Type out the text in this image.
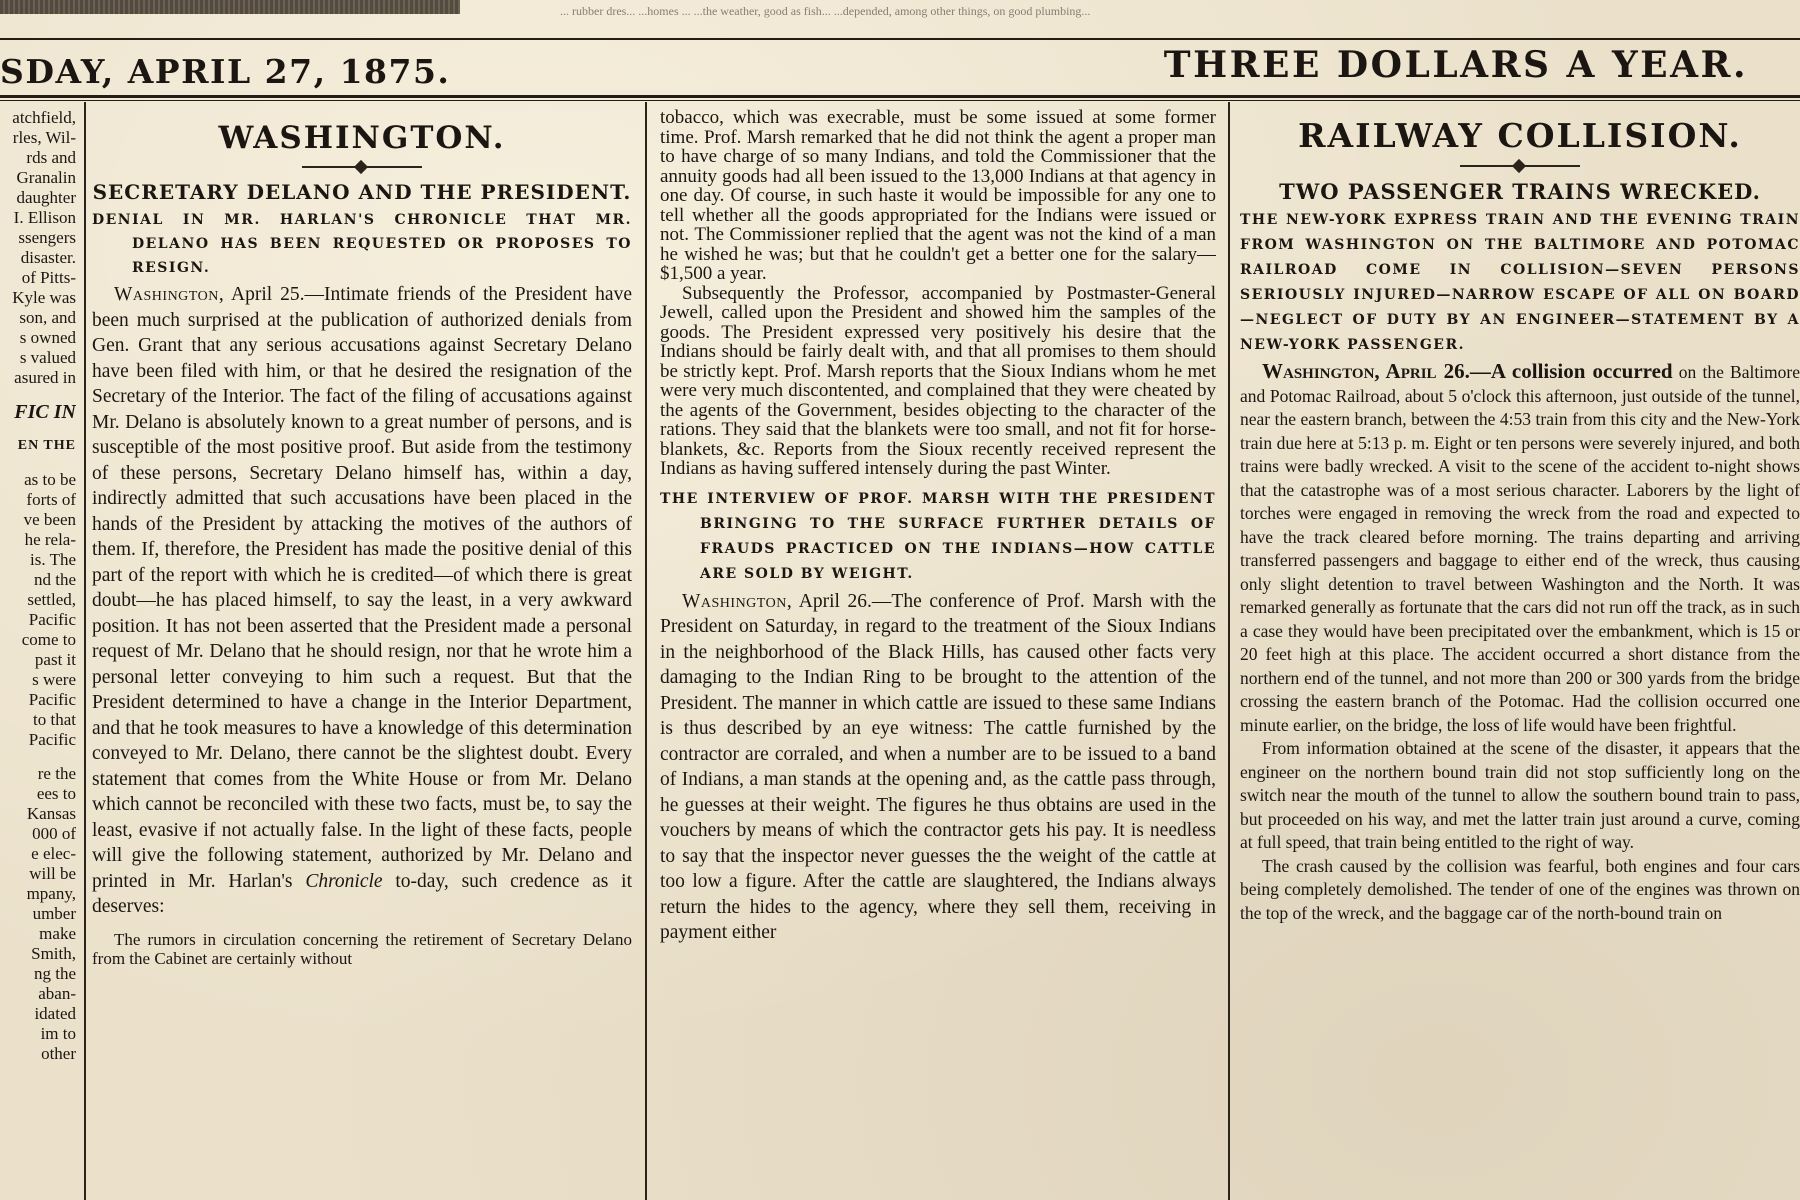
... rubber dres... ...homes ... ...the weather, good as fish... ...depended, among other things, on good plumbing...
SDAY, APRIL 27, 1875.	THREE DOLLARS A YEAR.
atchfield,
rles, Wil-
rds and
Granalin
daughter
I. Ellison
ssengers
disaster.
of Pitts-
Kyle was
son, and
s owned
s valued
asured in
FIC IN
EN THE
as to be
forts of
ve been
he rela-
is. The
nd the
settled,
Pacific
come to
past it
s were
Pacific
to that
Pacific
re the
ees to
Kansas
000 of
e elec-
will be
mpany,
umber
make
Smith,
ng the
aban-
idated
im to
other
WASHINGTON.
SECRETARY DELANO AND THE PRESIDENT.
DENIAL IN MR. HARLAN'S CHRONICLE THAT MR. DELANO HAS BEEN REQUESTED OR PROPOSES TO RESIGN.

Washington, April 25.—Intimate friends of the President have been much surprised at the publication of authorized denials from Gen. Grant that any serious accusations against Secretary Delano have been filed with him, or that he desired the resignation of the Secretary of the Interior. The fact of the filing of accusations against Mr. Delano is absolutely known to a great number of persons, and is susceptible of the most positive proof. But aside from the testimony of these persons, Secretary Delano himself has, within a day, indirectly admitted that such accusations have been placed in the hands of the President by attacking the motives of the authors of them. If, therefore, the President has made the positive denial of this part of the report with which he is credited—of which there is great doubt—he has placed himself, to say the least, in a very awkward position. It has not been asserted that the President made a personal request of Mr. Delano that he should resign, nor that he wrote him a personal letter conveying to him such a request. But that the President determined to have a change in the Interior Department, and that he took measures to have a knowledge of this determination conveyed to Mr. Delano, there cannot be the slightest doubt. Every statement that comes from the White House or from Mr. Delano which cannot be reconciled with these two facts, must be, to say the least, evasive if not actually false. In the light of these facts, people will give the following statement, authorized by Mr. Delano and printed in Mr. Harlan's Chronicle to-day, such credence as it deserves:

The rumors in circulation concerning the retirement of Secretary Delano from the Cabinet are certainly without

tobacco, which was execrable, must be some issued at some former time. Prof. Marsh remarked that he did not think the agent a proper man to have charge of so many Indians, and told the Commissioner that the annuity goods had all been issued to the 13,000 Indians at that agency in one day. Of course, in such haste it would be impossible for any one to tell whether all the goods appropriated for the Indians were issued or not. The Commissioner replied that the agent was not the kind of a man he wished he was; but that he couldn't get a better one for the salary—$1,500 a year.

Subsequently the Professor, accompanied by Postmaster-General Jewell, called upon the President and showed him the samples of the goods. The President expressed very positively his desire that the Indians should be fairly dealt with, and that all promises to them should be strictly kept. Prof. Marsh reports that the Sioux Indians whom he met were very much discontented, and complained that they were cheated by the agents of the Government, besides objecting to the character of the rations. They said that the blankets were too small, and not fit for horse-blankets, &c. Reports from the Sioux recently received represent the Indians as having suffered intensely during the past Winter.

THE INTERVIEW OF PROF. MARSH WITH THE PRESIDENT BRINGING TO THE SURFACE FURTHER DETAILS OF FRAUDS PRACTICED ON THE INDIANS—HOW CATTLE ARE SOLD BY WEIGHT.

Washington, April 26.—The conference of Prof. Marsh with the President on Saturday, in regard to the treatment of the Sioux Indians in the neighborhood of the Black Hills, has caused other facts very damaging to the Indian Ring to be brought to the attention of the President. The manner in which cattle are issued to these same Indians is thus described by an eye witness: The cattle furnished by the contractor are corraled, and when a number are to be issued to a band of Indians, a man stands at the opening and, as the cattle pass through, he guesses at their weight. The figures he thus obtains are used in the vouchers by means of which the contractor gets his pay. It is needless to say that the inspector never guesses the the weight of the cattle at too low a figure. After the cattle are slaughtered, the Indians always return the hides to the agency, where they sell them, receiving in payment either

RAILWAY COLLISION.
TWO PASSENGER TRAINS WRECKED.
THE NEW-YORK EXPRESS TRAIN AND THE EVENING TRAIN FROM WASHINGTON ON THE BALTIMORE AND POTOMAC RAILROAD COME IN COLLISION—SEVEN PERSONS SERIOUSLY INJURED—NARROW ESCAPE OF ALL ON BOARD—NEGLECT OF DUTY BY AN ENGINEER—STATEMENT BY A NEW-YORK PASSENGER.

Washington, April 26.—A collision occurred on the Baltimore and Potomac Railroad, about 5 o'clock this afternoon, just outside of the tunnel, near the eastern branch, between the 4:53 train from this city and the New-York train due here at 5:13 p. m. Eight or ten persons were severely injured, and both trains were badly wrecked. A visit to the scene of the accident to-night shows that the catastrophe was of a most serious character. Laborers by the light of torches were engaged in removing the wreck from the road and expected to have the track cleared before morning. The trains departing and arriving transferred passengers and baggage to either end of the wreck, thus causing only slight detention to travel between Washington and the North. It was remarked generally as fortunate that the cars did not run off the track, as in such a case they would have been precipitated over the embankment, which is 15 or 20 feet high at this place. The accident occurred a short distance from the northern end of the tunnel, and not more than 200 or 300 yards from the bridge crossing the eastern branch of the Potomac. Had the collision occurred one minute earlier, on the bridge, the loss of life would have been frightful.

From information obtained at the scene of the disaster, it appears that the engineer on the northern bound train did not stop sufficiently long on the switch near the mouth of the tunnel to allow the southern bound train to pass, but proceeded on his way, and met the latter train just around a curve, coming at full speed, that train being entitled to the right of way.

The crash caused by the collision was fearful, both engines and four cars being completely demolished. The tender of one of the engines was thrown on the top of the wreck, and the baggage car of the north-bound train on
